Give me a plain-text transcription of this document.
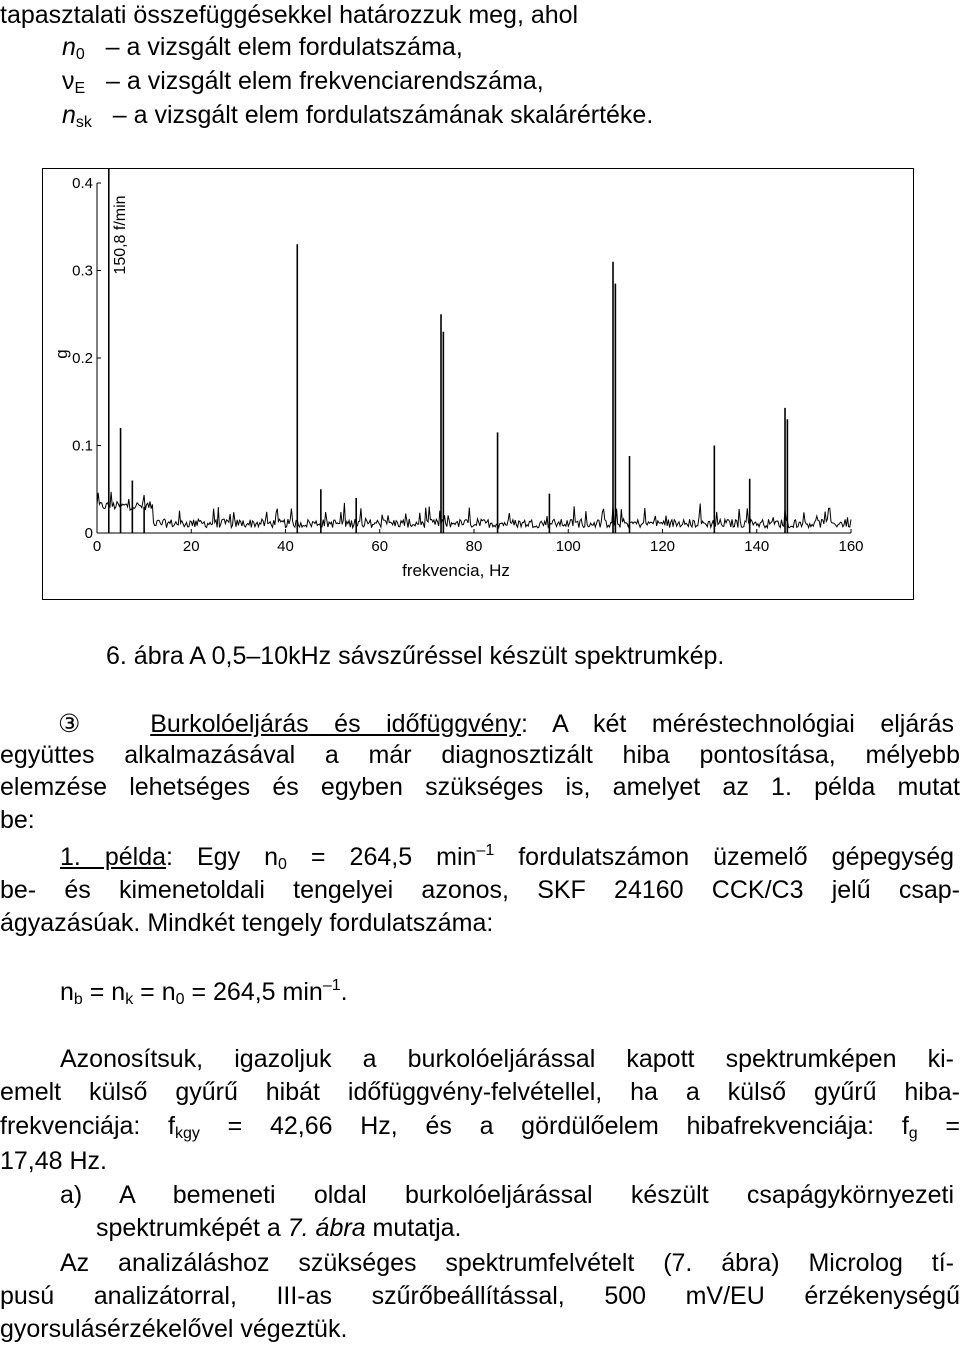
tapasztalati összefüggésekkel határozzuk meg, ahol
$n_0$ – a vizsgált elem fordulatszáma,
$\nu_E$ – a vizsgált elem frekvenciarendszáma,
$n_{sk}$ – a vizsgált elem fordulatszámának skalárértéke.
0	20	40	60	80	100	120	140	160
0
0.1
0.2
0.3
0.4
frekvencia, Hz
g
150,8 f/min
6. ábra A 0,5–10kHz sávszűréssel készült spektrumkép.
③ Burkolóeljárás és időfüggvény: A két méréstechnológiai eljárás
együttes alkalmazásával a már diagnosztizált hiba pontosítása, mélyebb
elemzése lehetséges és egyben szükséges is, amelyet az 1. példa mutat
be:
1. példa: Egy $n_0 = 264,5$ $\min^{-1}$ fordulatszámon üzemelő gépegység
be- és kimenetoldali tengelyei azonos, SKF 24160 CCK/C3 jelű csap-
ágyazásúak. Mindkét tengely fordulatszáma:
$n_b = n_k = n_0 = 264,5$ $\min^{-1}$.
Azonosítsuk, igazoljuk a burkolóeljárással kapott spektrumképen ki-
emelt külső gyűrű hibát időfüggvény-felvétellel, ha a külső gyűrű hiba-
frekvenciája: $f_{kgy} = 42,66$ Hz, és a gördülőelem hibafrekvenciája: $f_g$ =
17,48 Hz.
a) A bemeneti oldal burkolóeljárással készült csapágykörnyezeti
spektrumképét a 7. ábra mutatja.
Az analizáláshoz szükséges spektrumfelvételt (7. ábra) Microlog tí-
pusú analizátorral, III-as szűrőbeállítással, 500 mV/EU érzékenységű
gyorsulásérzékelővel végeztük.
